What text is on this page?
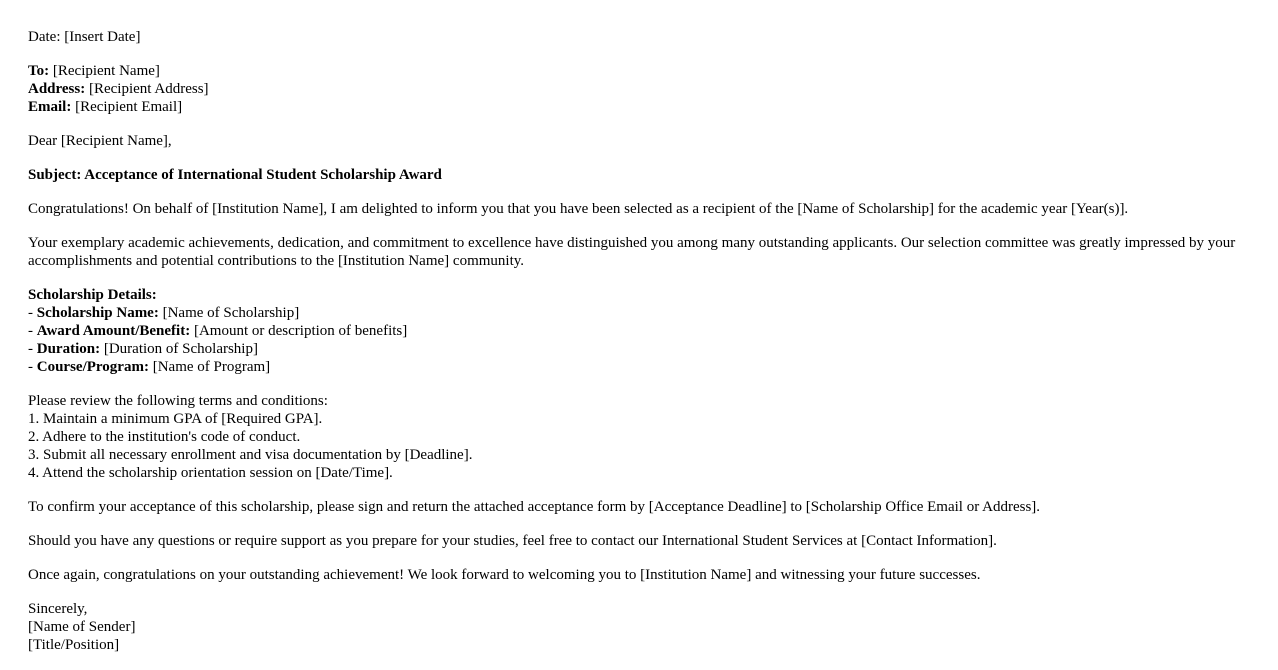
Date: [Insert Date]

To: [Recipient Name]
Address: [Recipient Address]
Email: [Recipient Email]

Dear [Recipient Name],

Subject: Acceptance of International Student Scholarship Award

Congratulations! On behalf of [Institution Name], I am delighted to inform you that you have been selected as a recipient of the [Name of Scholarship] for the academic year [Year(s)].

Your exemplary academic achievements, dedication, and commitment to excellence have distinguished you among many outstanding applicants. Our selection committee was greatly impressed by your accomplishments and potential contributions to the [Institution Name] community.

Scholarship Details:
- Scholarship Name: [Name of Scholarship]
- Award Amount/Benefit: [Amount or description of benefits]
- Duration: [Duration of Scholarship]
- Course/Program: [Name of Program]

Please review the following terms and conditions:
1. Maintain a minimum GPA of [Required GPA].
2. Adhere to the institution's code of conduct.
3. Submit all necessary enrollment and visa documentation by [Deadline].
4. Attend the scholarship orientation session on [Date/Time].

To confirm your acceptance of this scholarship, please sign and return the attached acceptance form by [Acceptance Deadline] to [Scholarship Office Email or Address].

Should you have any questions or require support as you prepare for your studies, feel free to contact our International Student Services at [Contact Information].

Once again, congratulations on your outstanding achievement! We look forward to welcoming you to [Institution Name] and witnessing your future successes.

Sincerely,
[Name of Sender]
[Title/Position]
